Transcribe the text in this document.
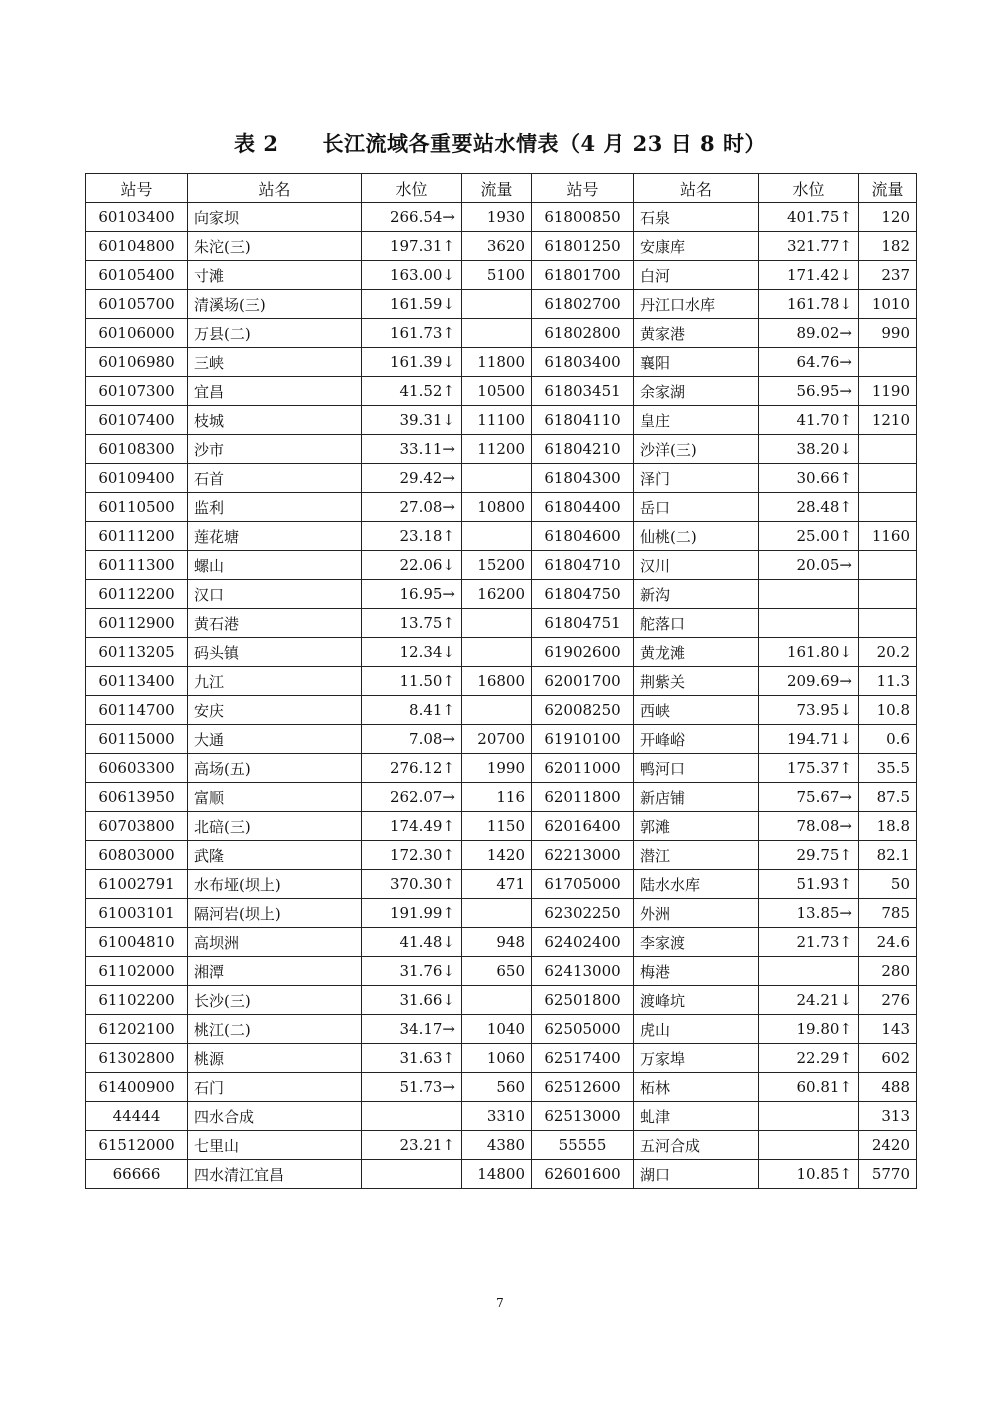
表 2 长江流域各重要站水情表（4 月 23 日 8 时）
站号	站名	水位	流量	站号	站名	水位	流量
60103400	向家坝	266.54→	1930	61800850	石泉	401.75↑	120
60104800	朱沱(三)	197.31↑	3620	61801250	安康库	321.77↑	182
60105400	寸滩	163.00↓	5100	61801700	白河	171.42↓	237
60105700	清溪场(三)	161.59↓		61802700	丹江口水库	161.78↓	1010
60106000	万县(二)	161.73↑		61802800	黄家港	89.02→	990
60106980	三峡	161.39↓	11800	61803400	襄阳	64.76→	
60107300	宜昌	41.52↑	10500	61803451	余家湖	56.95→	1190
60107400	枝城	39.31↓	11100	61804110	皇庄	41.70↑	1210
60108300	沙市	33.11→	11200	61804210	沙洋(三)	38.20↓	
60109400	石首	29.42→		61804300	泽门	30.66↑	
60110500	监利	27.08→	10800	61804400	岳口	28.48↑	
60111200	莲花塘	23.18↑		61804600	仙桃(二)	25.00↑	1160
60111300	螺山	22.06↓	15200	61804710	汉川	20.05→	
60112200	汉口	16.95→	16200	61804750	新沟		
60112900	黄石港	13.75↑		61804751	舵落口		
60113205	码头镇	12.34↓		61902600	黄龙滩	161.80↓	20.2
60113400	九江	11.50↑	16800	62001700	荆紫关	209.69→	11.3
60114700	安庆	8.41↑		62008250	西峡	73.95↓	10.8
60115000	大通	7.08→	20700	61910100	开峰峪	194.71↓	0.6
60603300	高场(五)	276.12↑	1990	62011000	鸭河口	175.37↑	35.5
60613950	富顺	262.07→	116	62011800	新店铺	75.67→	87.5
60703800	北碚(三)	174.49↑	1150	62016400	郭滩	78.08→	18.8
60803000	武隆	172.30↑	1420	62213000	潜江	29.75↑	82.1
61002791	水布垭(坝上)	370.30↑	471	61705000	陆水水库	51.93↑	50
61003101	隔河岩(坝上)	191.99↑		62302250	外洲	13.85→	785
61004810	高坝洲	41.48↓	948	62402400	李家渡	21.73↑	24.6
61102000	湘潭	31.76↓	650	62413000	梅港		280
61102200	长沙(三)	31.66↓		62501800	渡峰坑	24.21↓	276
61202100	桃江(二)	34.17→	1040	62505000	虎山	19.80↑	143
61302800	桃源	31.63↑	1060	62517400	万家埠	22.29↑	602
61400900	石门	51.73→	560	62512600	柘林	60.81↑	488
44444	四水合成		3310	62513000	虬津		313
61512000	七里山	23.21↑	4380	55555	五河合成		2420
66666	四水清江宜昌		14800	62601600	湖口	10.85↑	5770
7
